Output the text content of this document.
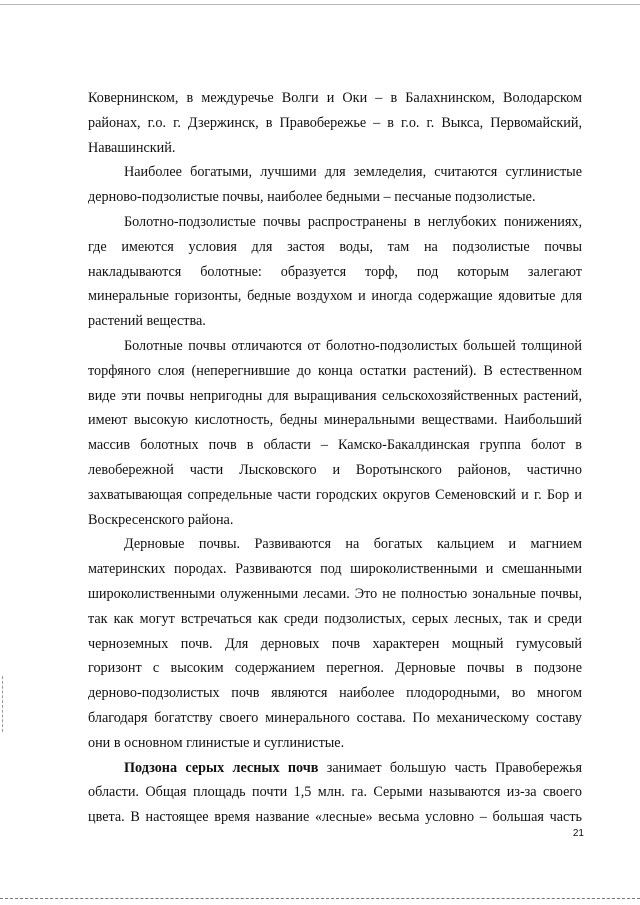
Ковернинском, в междуречье Волги и Оки – в Балахнинском, Володарском
районах, г.о. г. Дзержинск, в Правобережье – в г.о. г. Выкса, Первомайский,
Навашинский.

Наиболее богатыми, лучшими для земледелия, считаются суглинистые
дерново-подзолистые почвы, наиболее бедными – песчаные подзолистые.

Болотно-подзолистые почвы распространены в неглубоких понижениях,
где имеются условия для застоя воды, там на подзолистые почвы
накладываются болотные: образуется торф, под которым залегают
минеральные горизонты, бедные воздухом и иногда содержащие ядовитые для
растений вещества.

Болотные почвы отличаются от болотно-подзолистых большей толщиной
торфяного слоя (неперегнившие до конца остатки растений). В естественном
виде эти почвы непригодны для выращивания сельскохозяйственных растений,
имеют высокую кислотность, бедны минеральными веществами. Наибольший
массив болотных почв в области – Камско-Бакалдинская группа болот в
левобережной части Лысковского и Воротынского районов, частично
захватывающая сопредельные части городских округов Семеновский и г. Бор и
Воскресенского района.

Дерновые почвы. Развиваются на богатых кальцием и магнием
материнских породах. Развиваются под широколиственными и смешанными
широколиственными олуженными лесами. Это не полностью зональные почвы,
так как могут встречаться как среди подзолистых, серых лесных, так и среди
черноземных почв. Для дерновых почв характерен мощный гумусовый
горизонт с высоким содержанием перегноя. Дерновые почвы в подзоне
дерново-подзолистых почв являются наиболее плодородными, во многом
благодаря богатству своего минерального состава. По механическому составу
они в основном глинистые и суглинистые.

Подзона серых лесных почв занимает большую часть Правобережья
области. Общая площадь почти 1,5 млн. га. Серыми называются из-за своего
цвета. В настоящее время название «лесные» весьма условно – большая часть

21
